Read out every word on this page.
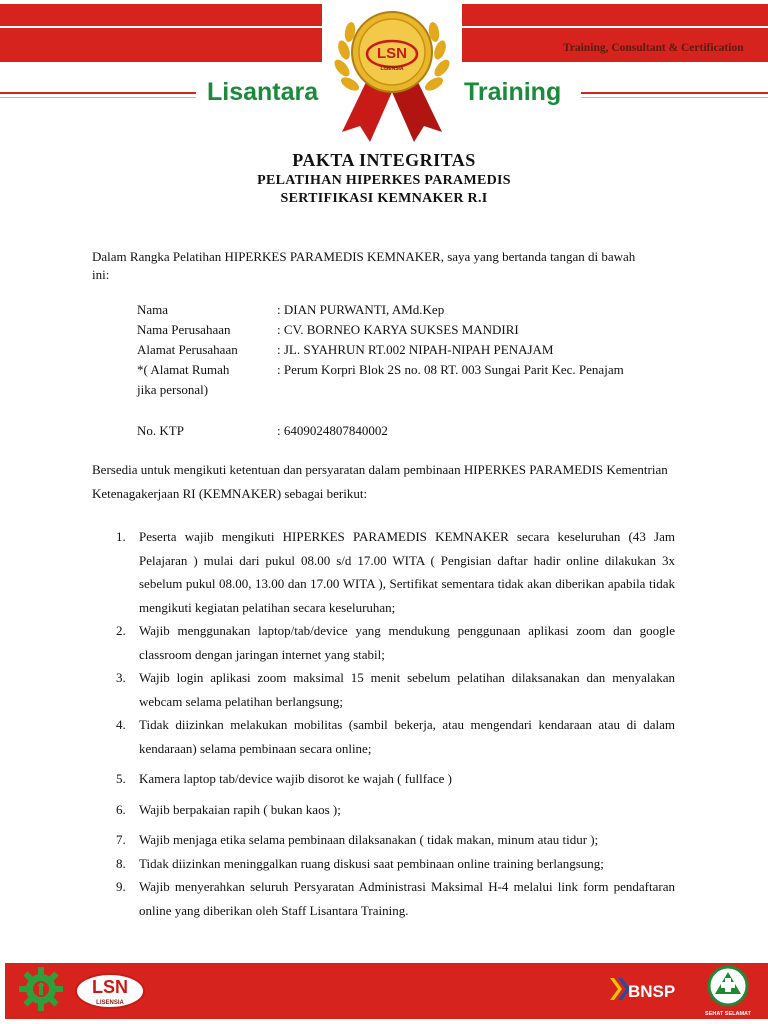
Training, Consultant & Certification
Lisantara	Training
LSN
LISENSIA
PAKTA INTEGRITAS
PELATIHAN HIPERKES PARAMEDIS
SERTIFIKASI KEMNAKER R.I
Dalam Rangka Pelatihan HIPERKES PARAMEDIS KEMNAKER, saya yang bertanda tangan di bawah ini:
Nama	: DIAN PURWANTI, AMd.Kep
Nama Perusahaan	: CV. BORNEO KARYA SUKSES MANDIRI
Alamat Perusahaan	: JL. SYAHRUN RT.002 NIPAH-NIPAH PENAJAM
*( Alamat Rumah	: Perum Korpri Blok 2S no. 08 RT. 003 Sungai Parit Kec. Penajam
jika personal)
No. KTP	: 6409024807840002
Bersedia untuk mengikuti ketentuan dan persyaratan dalam pembinaan HIPERKES PARAMEDIS Kementrian Ketenagakerjaan RI (KEMNAKER) sebagai berikut:
1. Peserta wajib mengikuti HIPERKES PARAMEDIS KEMNAKER secara keseluruhan (43 Jam Pelajaran ) mulai dari pukul 08.00 s/d 17.00 WITA ( Pengisian daftar hadir online dilakukan 3x sebelum pukul 08.00, 13.00 dan 17.00 WITA ), Sertifikat sementara tidak akan diberikan apabila tidak mengikuti kegiatan pelatihan secara keseluruhan;
2. Wajib menggunakan laptop/tab/device yang mendukung penggunaan aplikasi zoom dan google classroom dengan jaringan internet yang stabil;
3. Wajib login aplikasi zoom maksimal 15 menit sebelum pelatihan dilaksanakan dan menyalakan webcam selama pelatihan berlangsung;
4. Tidak diizinkan melakukan mobilitas (sambil bekerja, atau mengendari kendaraan atau di dalam kendaraan) selama pembinaan secara online;
5. Kamera laptop tab/device wajib disorot ke wajah ( fullface )
6. Wajib berpakaian rapih ( bukan kaos );
7. Wajib menjaga etika selama pembinaan dilaksanakan ( tidak makan, minum atau tidur );
8. Tidak diizinkan meninggalkan ruang diskusi saat pembinaan online training berlangsung;
9. Wajib menyerahkan seluruh Persyaratan Administrasi Maksimal H-4 melalui link form pendaftaran online yang diberikan oleh Staff Lisantara Training.
LSN
LISENSIA
BNSP
SEHAT SELAMAT
